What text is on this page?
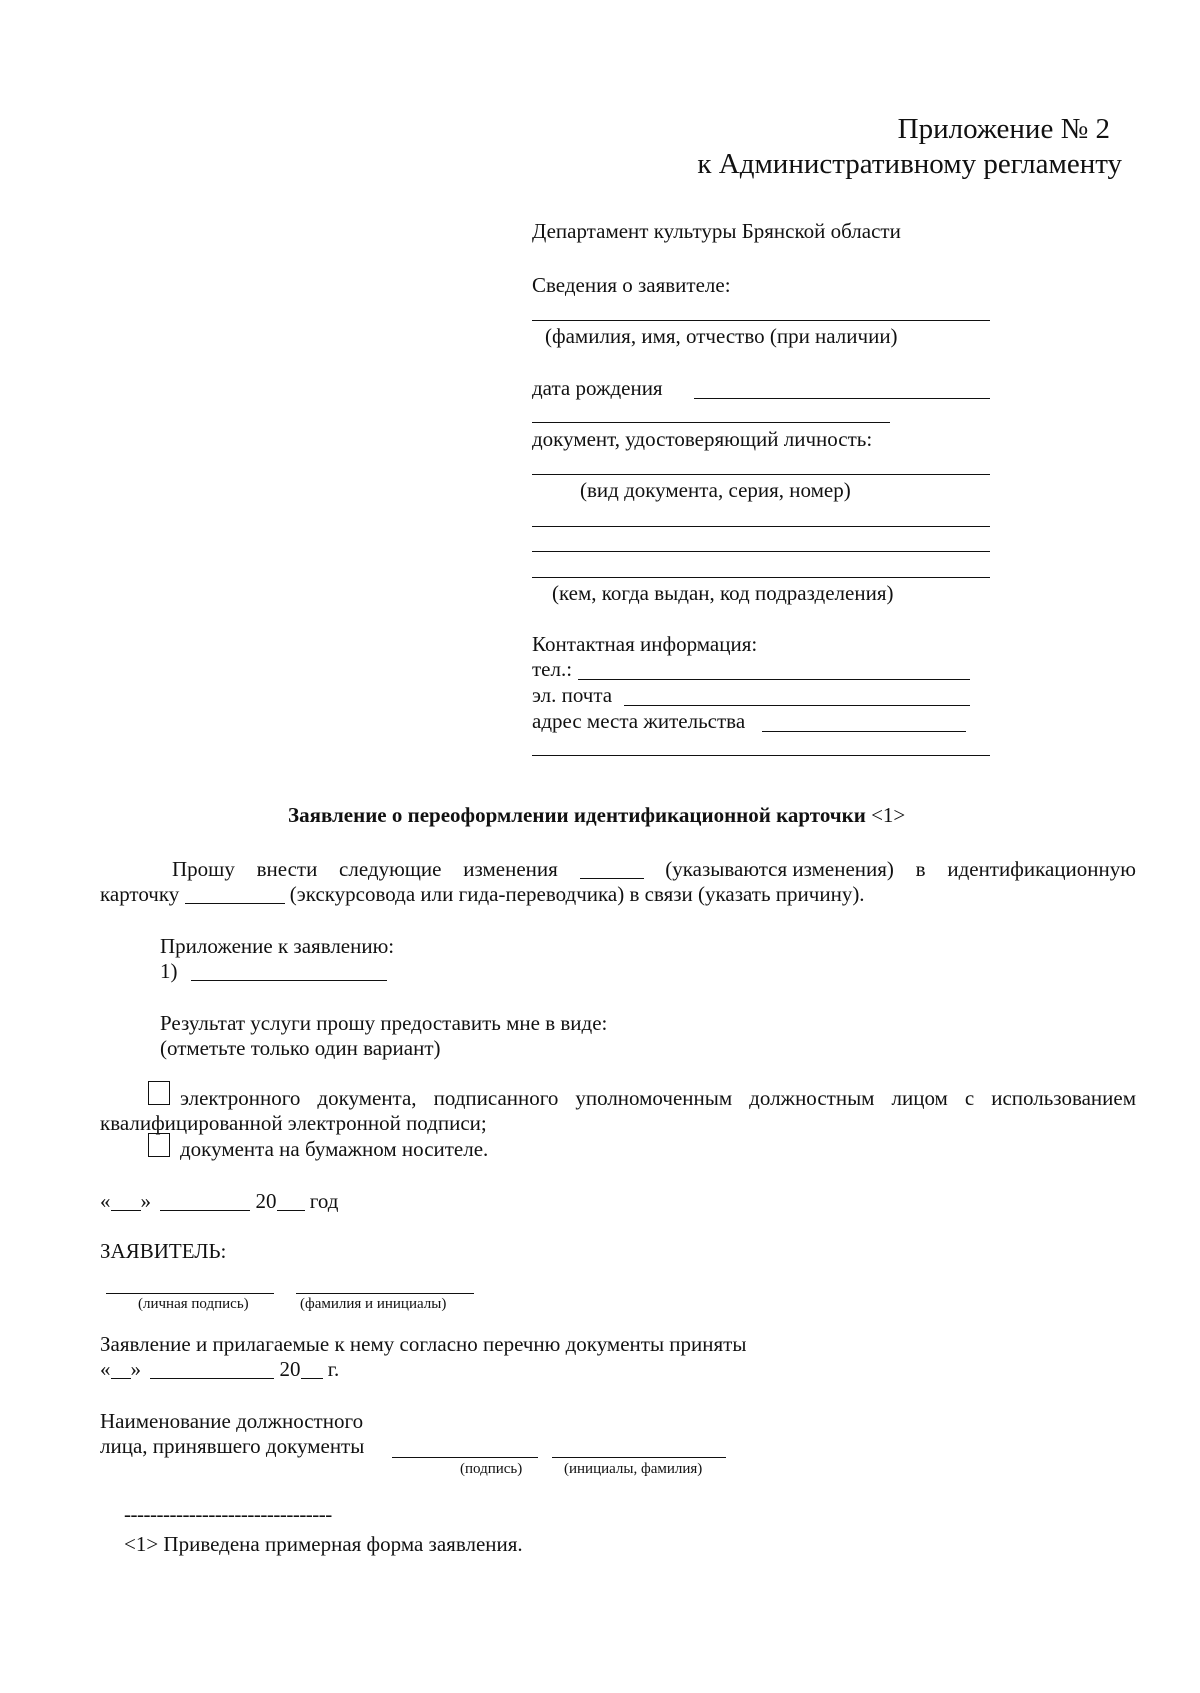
Приложение № 2
к Административному регламенту
Департамент культуры Брянской области
Сведения о заявителе:
(фамилия, имя, отчество (при наличии)
дата рождения
документ, удостоверяющий личность:
(вид документа, серия, номер)
(кем, когда выдан, код подразделения)
Контактная информация:
тел.:
эл. почта
адрес места жительства
Заявление о переоформлении идентификационной карточки <1>
Прошу внести следующие изменения	(указываются изменения) в идентификационную
карточку	(экскурсовода или гида-переводчика) в связи (указать причину).
Приложение к заявлению:
1)
Результат услуги прошу предоставить мне в виде:
(отметьте только один вариант)
электронного документа, подписанного уполномоченным должностным лицом с использованием
квалифицированной электронной подписи;
документа на бумажном носителе.
« »	20 год
ЗАЯВИТЕЛЬ:
(личная подпись)	(фамилия и инициалы)
Заявление и прилагаемые к нему согласно перечню документы приняты
« »	20 г.
Наименование должностного
лица, принявшего документы
(подпись)	(инициалы, фамилия)
--------------------------------
<1> Приведена примерная форма заявления.
